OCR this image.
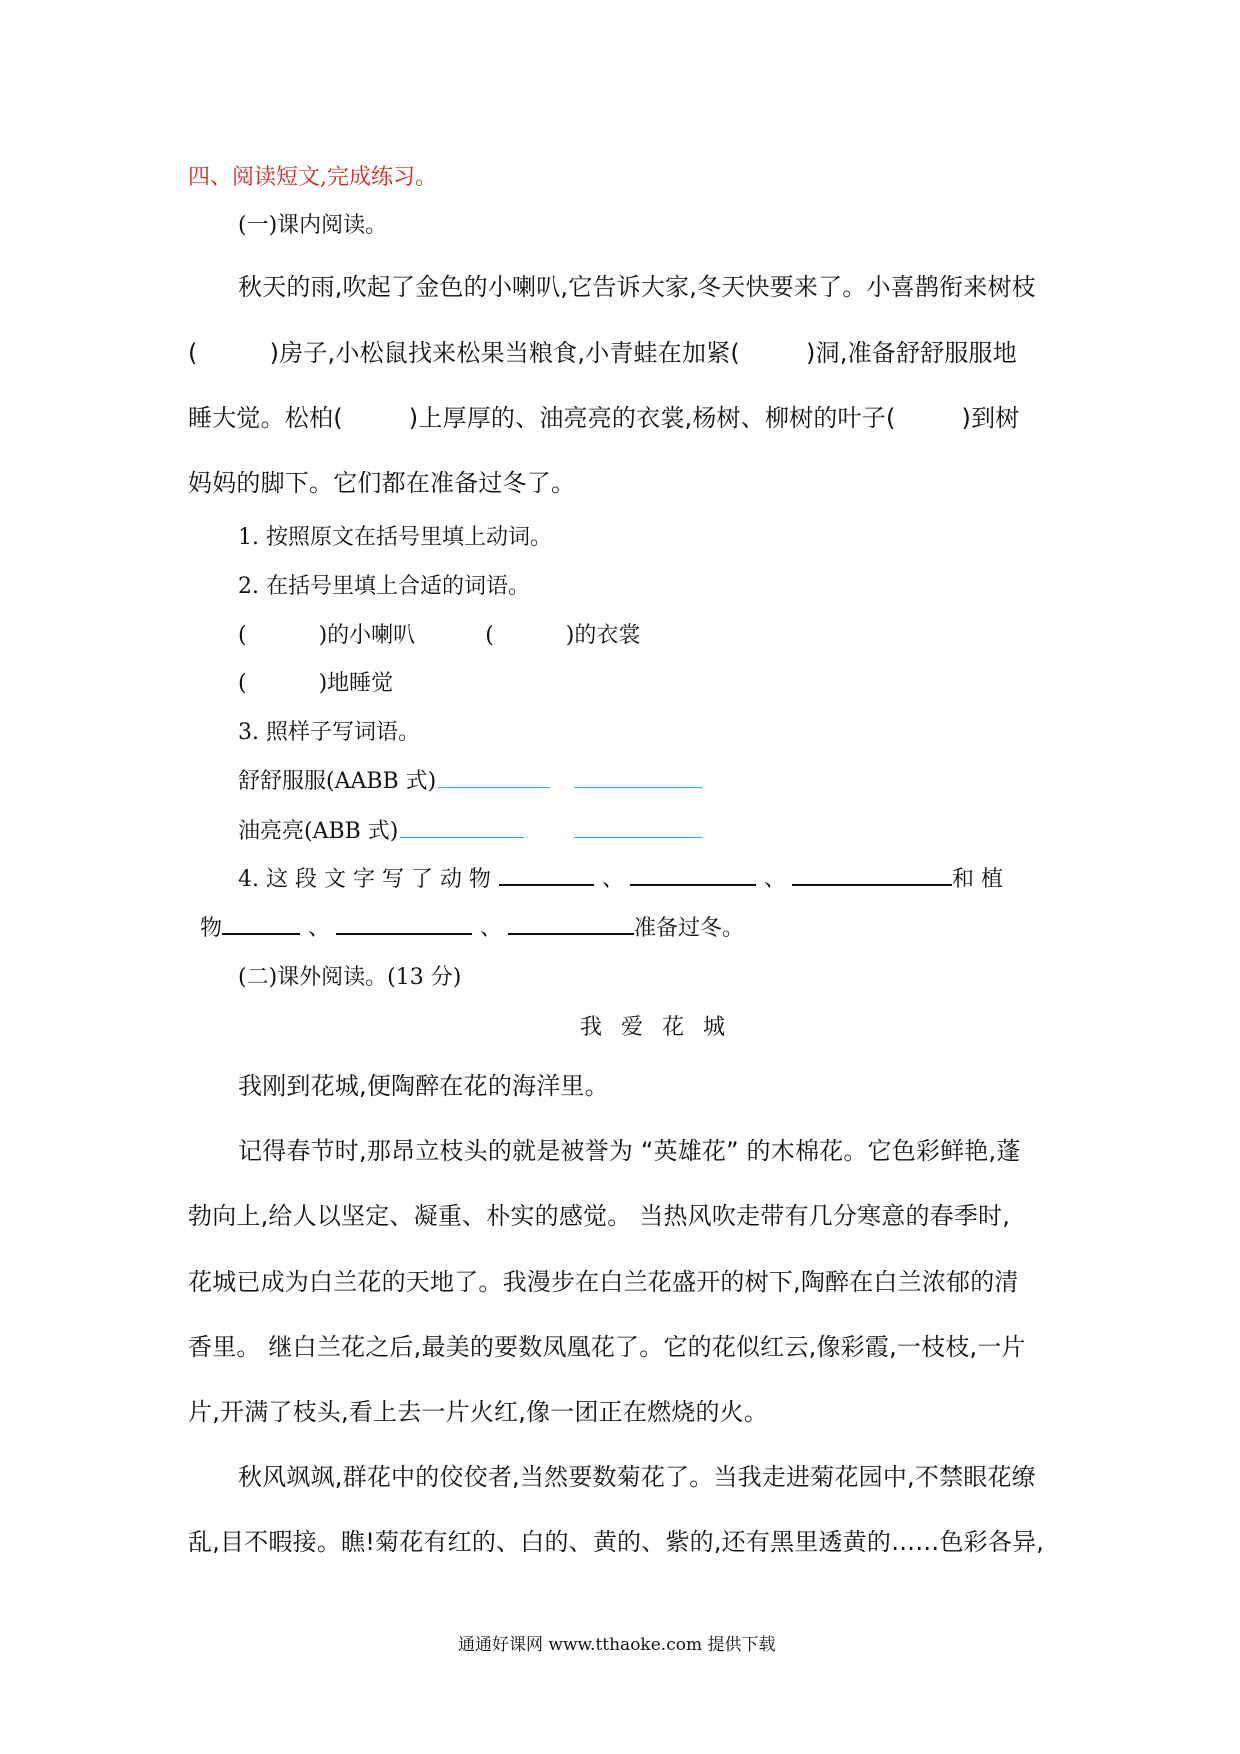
四、阅读短文,完成练习。
(一)课内阅读。
秋天的雨,吹起了金色的小喇叭,它告诉大家,冬天快要来了。小喜鹊衔来树枝
(	)房子,小松鼠找来松果当粮食,小青蛙在加紧(	)洞,准备舒舒服服地
睡大觉。松柏(	)上厚厚的、油亮亮的衣裳,杨树、柳树的叶子(	)到树
妈妈的脚下。它们都在准备过冬了。
1. 按照原文在括号里填上动词。
2. 在括号里填上合适的词语。
(	)的小喇叭	(	)的衣裳
(	)地睡觉
3. 照样子写词语。
舒舒服服(AABB 式)
油亮亮(ABB 式)
4. 这 段 文 字 写 了 动 物	、	、	和 植
物	、	、	准备过冬。
(二)课外阅读。(13 分)
我 爱 花 城
我刚到花城,便陶醉在花的海洋里。
记得春节时,那昂立枝头的就是被誉为 “英雄花” 的木棉花。它色彩鲜艳,蓬
勃向上,给人以坚定、凝重、朴实的感觉。 当热风吹走带有几分寒意的春季时,
花城已成为白兰花的天地了。我漫步在白兰花盛开的树下,陶醉在白兰浓郁的清
香里。 继白兰花之后,最美的要数凤凰花了。它的花似红云,像彩霞,一枝枝,一片
片,开满了枝头,看上去一片火红,像一团正在燃烧的火。
秋风飒飒,群花中的佼佼者,当然要数菊花了。当我走进菊花园中,不禁眼花缭
乱,目不暇接。瞧!菊花有红的、白的、黄的、紫的,还有黑里透黄的……色彩各异,
通通好课网 www.tthaoke.com 提供下载
